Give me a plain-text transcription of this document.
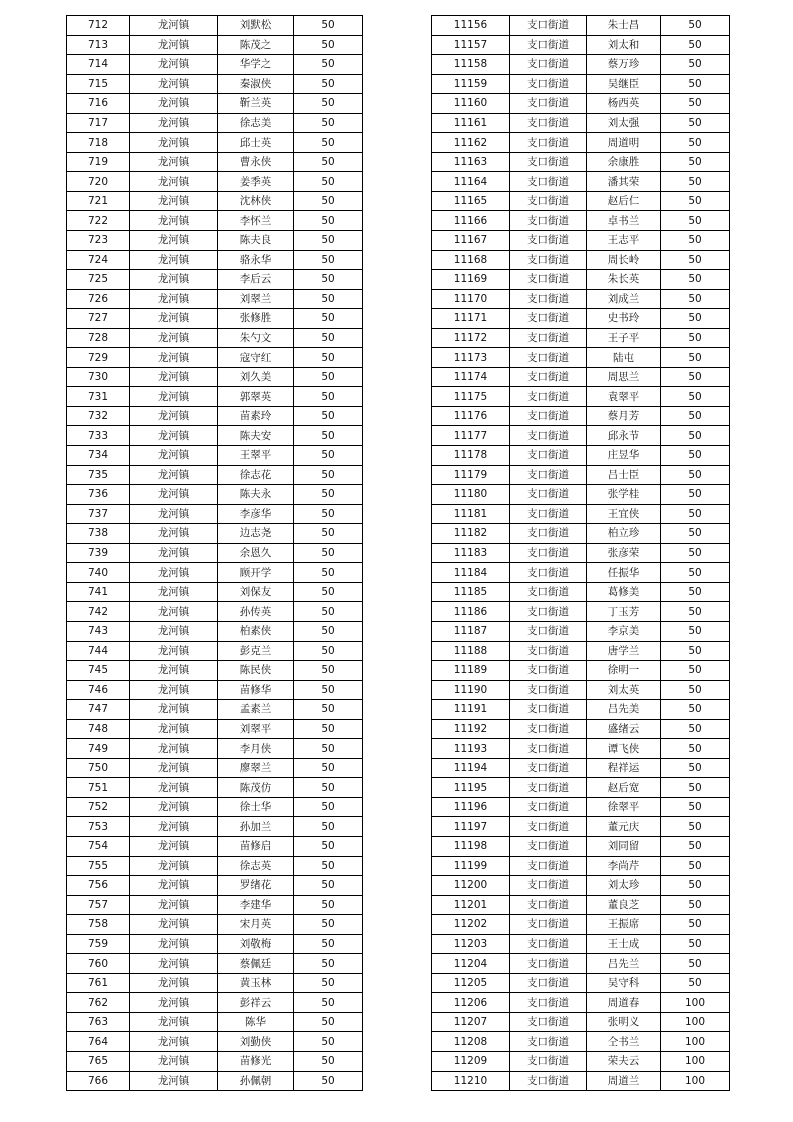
712	龙河镇	刘默松	50
713	龙河镇	陈茂之	50
714	龙河镇	华学之	50
715	龙河镇	秦淑侠	50
716	龙河镇	靳兰英	50
717	龙河镇	徐志美	50
718	龙河镇	邱士英	50
719	龙河镇	曹永侠	50
720	龙河镇	姜季英	50
721	龙河镇	沈林侠	50
722	龙河镇	李怀兰	50
723	龙河镇	陈夫良	50
724	龙河镇	骆永华	50
725	龙河镇	李后云	50
726	龙河镇	刘翠兰	50
727	龙河镇	张修胜	50
728	龙河镇	朱勺文	50
729	龙河镇	寇守红	50
730	龙河镇	刘久美	50
731	龙河镇	郭翠英	50
732	龙河镇	苗素玲	50
733	龙河镇	陈夫安	50
734	龙河镇	王翠平	50
735	龙河镇	徐志花	50
736	龙河镇	陈夫永	50
737	龙河镇	李彦华	50
738	龙河镇	边志尧	50
739	龙河镇	余恩久	50
740	龙河镇	顾开学	50
741	龙河镇	刘保友	50
742	龙河镇	孙传英	50
743	龙河镇	柏素侠	50
744	龙河镇	彭克兰	50
745	龙河镇	陈民侠	50
746	龙河镇	苗修华	50
747	龙河镇	孟素兰	50
748	龙河镇	刘翠平	50
749	龙河镇	李月侠	50
750	龙河镇	廖翠兰	50
751	龙河镇	陈茂仿	50
752	龙河镇	徐士华	50
753	龙河镇	孙加兰	50
754	龙河镇	苗修启	50
755	龙河镇	徐志英	50
756	龙河镇	罗绪花	50
757	龙河镇	李建华	50
758	龙河镇	宋月英	50
759	龙河镇	刘敬梅	50
760	龙河镇	蔡佩廷	50
761	龙河镇	黄玉林	50
762	龙河镇	彭祥云	50
763	龙河镇	陈华	50
764	龙河镇	刘勤侠	50
765	龙河镇	苗修光	50
766	龙河镇	孙佩朝	50
11156	支口街道	朱士昌	50
11157	支口街道	刘太和	50
11158	支口街道	蔡万珍	50
11159	支口街道	吴继臣	50
11160	支口街道	杨西英	50
11161	支口街道	刘太强	50
11162	支口街道	周道明	50
11163	支口街道	余康胜	50
11164	支口街道	潘其荣	50
11165	支口街道	赵后仁	50
11166	支口街道	卓书兰	50
11167	支口街道	王志平	50
11168	支口街道	周长岭	50
11169	支口街道	朱长英	50
11170	支口街道	刘成兰	50
11171	支口街道	史书玲	50
11172	支口街道	王子平	50
11173	支口街道	陆屯	50
11174	支口街道	周思兰	50
11175	支口街道	袁翠平	50
11176	支口街道	蔡月芳	50
11177	支口街道	邱永节	50
11178	支口街道	庄昱华	50
11179	支口街道	吕士臣	50
11180	支口街道	张学桂	50
11181	支口街道	王宜侠	50
11182	支口街道	柏立珍	50
11183	支口街道	张彦荣	50
11184	支口街道	任振华	50
11185	支口街道	葛修美	50
11186	支口街道	丁玉芳	50
11187	支口街道	李京美	50
11188	支口街道	唐学兰	50
11189	支口街道	徐明一	50
11190	支口街道	刘太英	50
11191	支口街道	吕先美	50
11192	支口街道	盛绪云	50
11193	支口街道	谭飞侠	50
11194	支口街道	程祥运	50
11195	支口街道	赵后宽	50
11196	支口街道	徐翠平	50
11197	支口街道	董元庆	50
11198	支口街道	刘同留	50
11199	支口街道	李尚芹	50
11200	支口街道	刘太珍	50
11201	支口街道	董良芝	50
11202	支口街道	王振席	50
11203	支口街道	王士成	50
11204	支口街道	吕先兰	50
11205	支口街道	吴守科	50
11206	支口街道	周道春	100
11207	支口街道	张明义	100
11208	支口街道	仝书兰	100
11209	支口街道	荣夫云	100
11210	支口街道	周道兰	100
